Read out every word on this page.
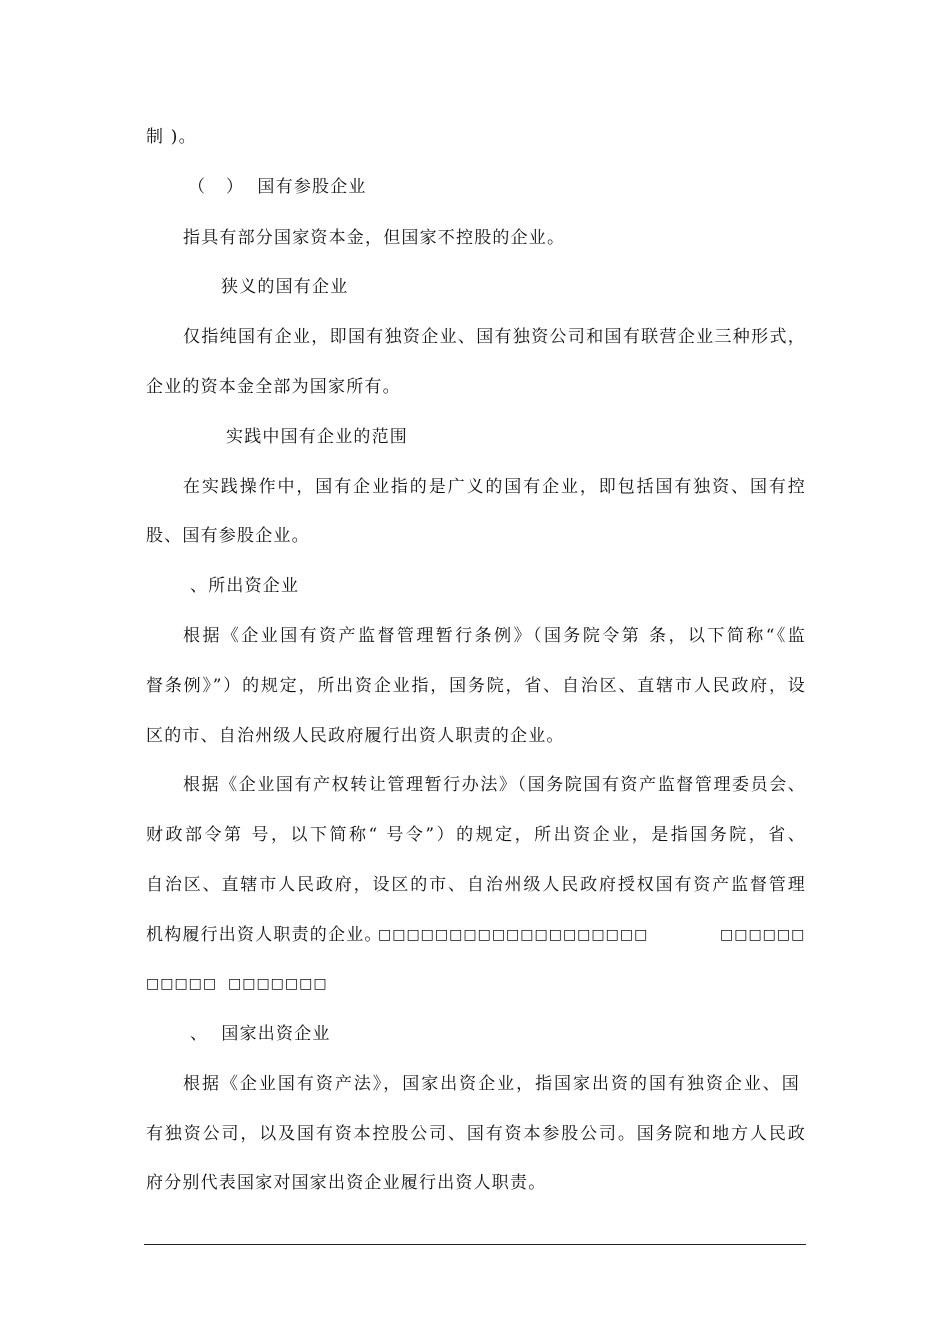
制 )。
（   ）  国有参股企业
指具有部分国家资本金，但国家不控股的企业。
狭义的国有企业
仅指纯国有企业，即国有独资企业、国有独资公司和国有联营企业三种形式，
企业的资本金全部为国家所有。
实践中国有企业的范围
在实践操作中，国有企业指的是广义的国有企业，即包括国有独资、国有控
股、国有参股企业。
、所出资企业
根据《企业国有资产监督管理暂行条例》（国务院令第 条，以下简称“《监
督条例》”）的规定，所出资企业指，国务院，省、自治区、直辖市人民政府，设
区的市、自治州级人民政府履行出资人职责的企业。
根据《企业国有产权转让管理暂行办法》（国务院国有资产监督管理委员会、
财政部令第 号，以下简称“ 号令”）的规定，所出资企业，是指国务院，省、
自治区、直辖市人民政府，设区的市、自治州级人民政府授权国有资产监督管理
机构履行出资人职责的企业。
□□□□□□□□□□□□□□□□□□□	□□□□□□
□□□□□ □□□□□□□
、  国家出资企业
根据《企业国有资产法》，国家出资企业，指国家出资的国有独资企业、国
有独资公司，以及国有资本控股公司、国有资本参股公司。国务院和地方人民政
府分别代表国家对国家出资企业履行出资人职责。
